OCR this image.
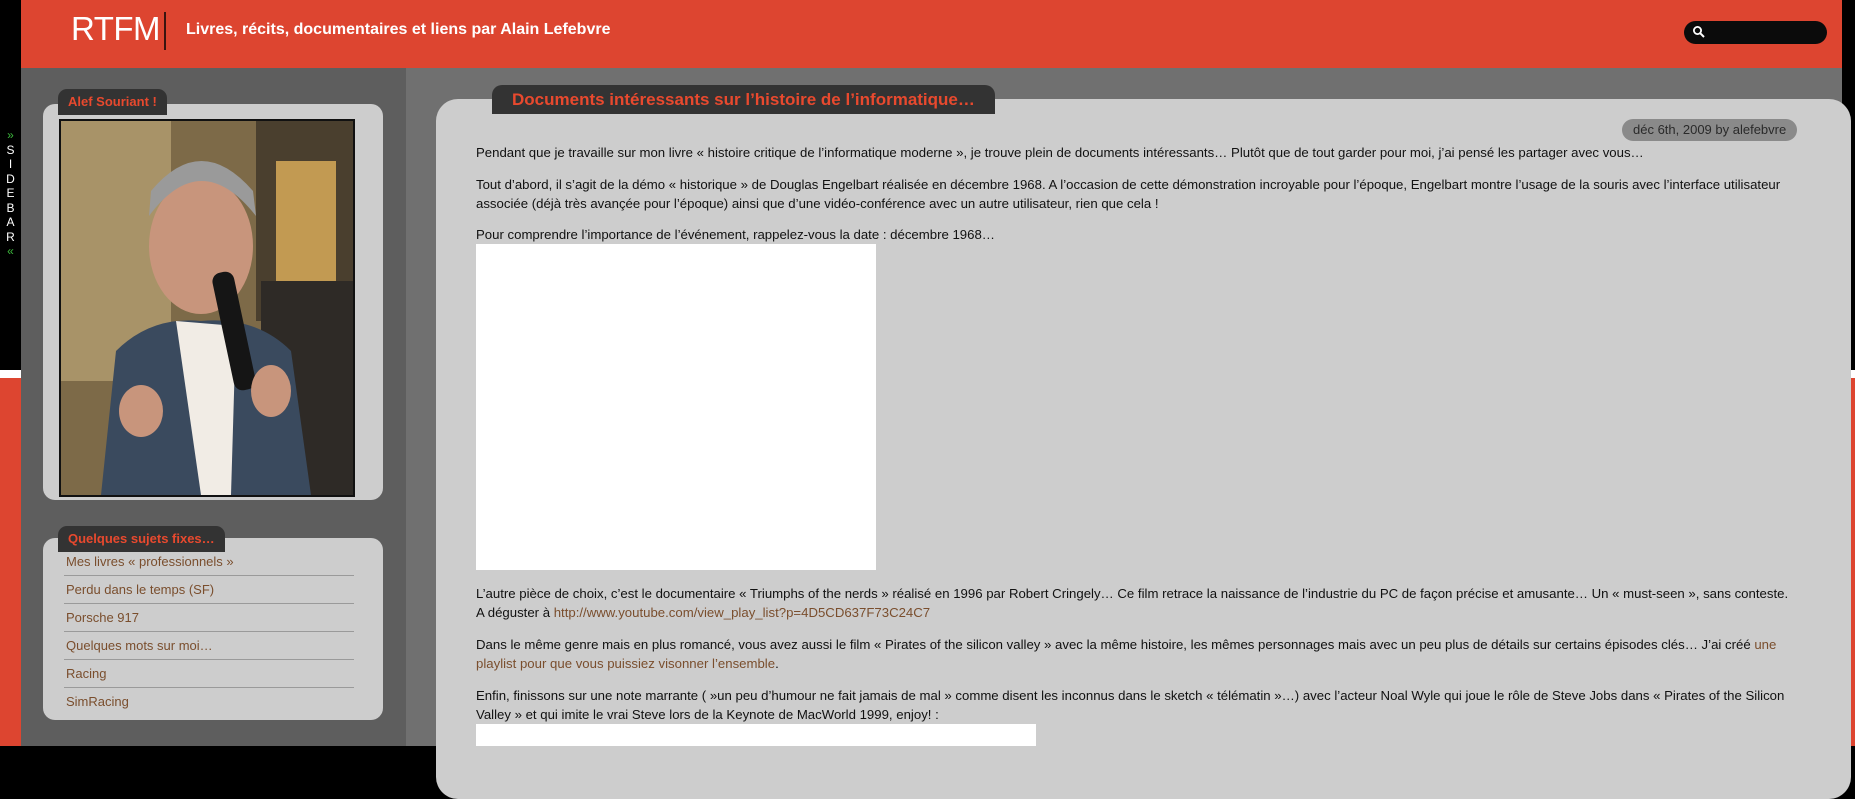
RTFM Livres, récits, documentaires et liens par Alain Lefebvre
»
S
I
D
E
B
A
R
«
Alef Souriant !
Mes livres « professionnels »
Perdu dans le temps (SF)
Porsche 917
Quelques mots sur moi…
Racing
SimRacing
Quelques sujets fixes…
Documents intéressants sur l’histoire de l’informatique…
déc 6th, 2009 by alefebvre
Pendant que je travaille sur mon livre « histoire critique de l’informatique moderne », je trouve plein de documents intéressants… Plutôt que de tout garder pour moi, j’ai pensé les partager avec vous…
Tout d’abord, il s’agit de la démo « historique » de Douglas Engelbart réalisée en décembre 1968. A l’occasion de cette démonstration incroyable pour l’époque, Engelbart montre l’usage de la souris avec l’interface utilisateur associée (déjà très avançée pour l’époque) ainsi que d’une vidéo-conférence avec un autre utilisateur, rien que cela !
Pour comprendre l’importance de l’événement, rappelez-vous la date : décembre 1968…
L’autre pièce de choix, c’est le documentaire « Triumphs of the nerds » réalisé en 1996 par Robert Cringely… Ce film retrace la naissance de l’industrie du PC de façon précise et amusante… Un « must-seen », sans conteste. A déguster à http://www.youtube.com/view_play_list?p=4D5CD637F73C24C7
Dans le même genre mais en plus romancé, vous avez aussi le film « Pirates of the silicon valley » avec la même histoire, les mêmes personnages mais avec un peu plus de détails sur certains épisodes clés… J’ai créé une playlist pour que vous puissiez visonner l’ensemble.
Enfin, finissons sur une note marrante ( »un peu d’humour ne fait jamais de mal » comme disent les inconnus dans le sketch « télématin »…) avec l’acteur Noal Wyle qui joue le rôle de Steve Jobs dans « Pirates of the Silicon Valley » et qui imite le vrai Steve lors de la Keynote de MacWorld 1999, enjoy! :
